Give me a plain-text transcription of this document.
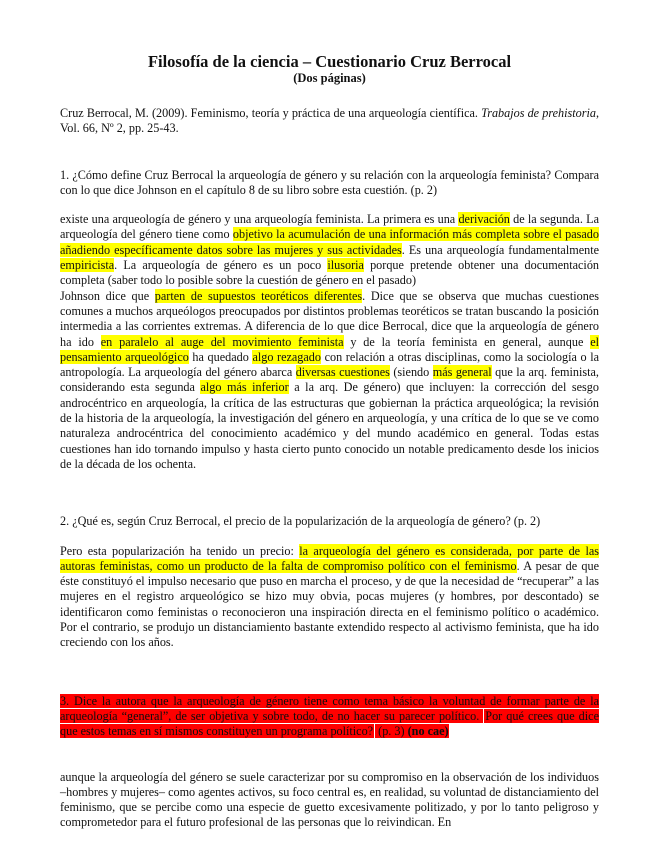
Filosofía de la ciencia – Cuestionario Cruz Berrocal
(Dos páginas)

Cruz Berrocal, M. (2009). Feminismo, teoría y práctica de una arqueología científica. Trabajos de prehistoria, Vol. 66, Nº 2, pp. 25-43.

1. ¿Cómo define Cruz Berrocal la arqueología de género y su relación con la arqueología feminista? Compara con lo que dice Johnson en el capítulo 8 de su libro sobre esta cuestión. (p. 2)

existe una arqueología de género y una arqueología feminista. La primera es una derivación de la segunda. La arqueología del género tiene como objetivo la acumulación de una información más completa sobre el pasado añadiendo específicamente datos sobre las mujeres y sus actividades. Es una arqueología fundamentalmente empiricista. La arqueología de género es un poco ilusoria porque pretende obtener una documentación completa (saber todo lo posible sobre la cuestión de género en el pasado)

Johnson dice que parten de supuestos teoréticos diferentes. Dice que se observa que muchas cuestiones comunes a muchos arqueólogos preocupados por distintos problemas teoréticos se tratan buscando la posición intermedia a las corrientes extremas. A diferencia de lo que dice Berrocal, dice que la arqueología de género ha ido en paralelo al auge del movimiento feminista y de la teoría feminista en general, aunque el pensamiento arqueológico ha quedado algo rezagado con relación a otras disciplinas, como la sociología o la antropología. La arqueología del género abarca diversas cuestiones (siendo más general que la arq. feminista, considerando esta segunda algo más inferior a la arq. De género) que incluyen: la corrección del sesgo androcéntrico en arqueología, la crítica de las estructuras que gobiernan la práctica arqueológica; la revisión de la historia de la arqueología, la investigación del género en arqueología, y una crítica de lo que se ve como naturaleza androcéntrica del conocimiento académico y del mundo académico en general. Todas estas cuestiones han ido tornando impulso y hasta cierto punto conocido un notable predicamento desde los inicios de la década de los ochenta.

2. ¿Qué es, según Cruz Berrocal, el precio de la popularización de la arqueología de género? (p. 2)

Pero esta popularización ha tenido un precio: la arqueología del género es considerada, por parte de las autoras feministas, como un producto de la falta de compromiso político con el feminismo. A pesar de que éste constituyó el impulso necesario que puso en marcha el proceso, y de que la necesidad de “recuperar” a las mujeres en el registro arqueológico se hizo muy obvia, pocas mujeres (y hombres, por descontado) se identificaron como feministas o reconocieron una inspiración directa en el feminismo político o académico. Por el contrario, se produjo un distanciamiento bastante extendido respecto al activismo feminista, que ha ido creciendo con los años.

3. Dice la autora que la arqueología de género tiene como tema básico la voluntad de formar parte de la arqueología “general”, de ser objetiva y sobre todo, de no hacer su parecer político. Por qué crees que dice que estos temas en sí mismos constituyen un programa político? (p. 3) (no cae)

aunque la arqueología del género se suele caracterizar por su compromiso en la observación de los individuos –hombres y mujeres– como agentes activos, su foco central es, en realidad, su voluntad de distanciamiento del feminismo, que se percibe como una especie de guetto excesivamente politizado, y por lo tanto peligroso y comprometedor para el futuro profesional de las personas que lo reivindican. En
